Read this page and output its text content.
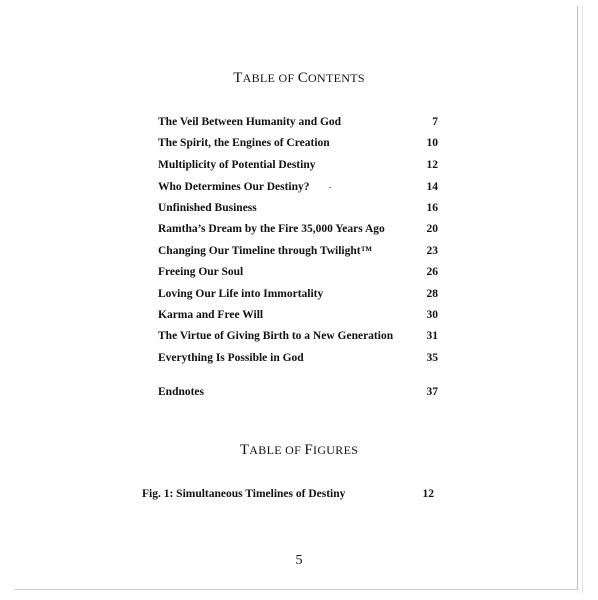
TABLE OF CONTENTS
The Veil Between Humanity and God	7
The Spirit, the Engines of Creation	10
Multiplicity of Potential Destiny	12
Who Determines Our Destiny?	14
Unfinished Business	16
Ramtha’s Dream by the Fire 35,000 Years Ago	20
Changing Our Timeline through Twilight™	23
Freeing Our Soul	26
Loving Our Life into Immortality	28
Karma and Free Will	30
The Virtue of Giving Birth to a New Generation	31
Everything Is Possible in God	35
Endnotes	37
TABLE OF FIGURES
Fig. 1: Simultaneous Timelines of Destiny	12
5
